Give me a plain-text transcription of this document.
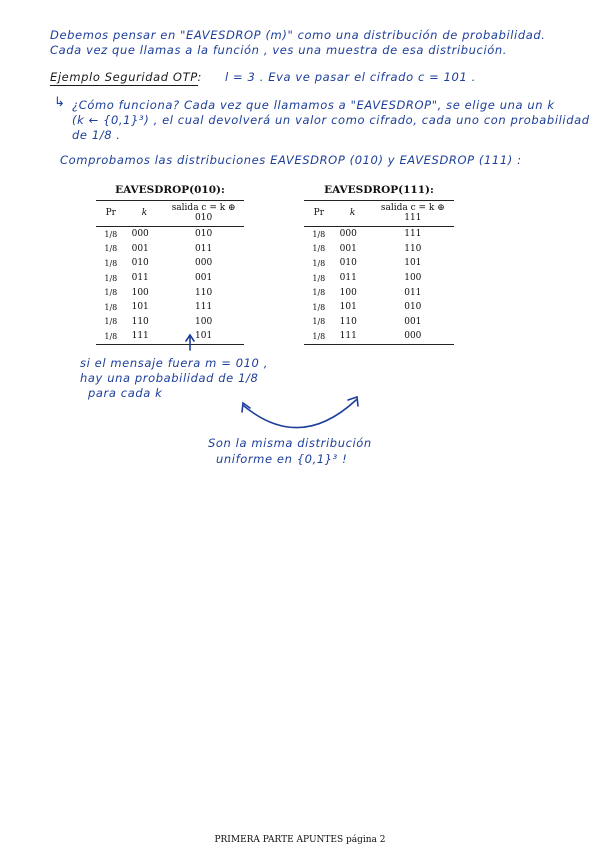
Debemos pensar en "EAVESDROP (m)" como una distribución de probabilidad.
Cada vez que llamas a la función , ves una muestra de esa distribución.
Ejemplo Seguridad OTP: l = 3 . Eva ve pasar el cifrado c = 101 .
↳ ¿Cómo funciona? Cada vez que llamamos a "EAVESDROP", se elige una un k
(k ← {0,1}³) , el cual devolverá un valor como cifrado, cada uno con probabilidad
de 1/8 .
Comprobamos las distribuciones EAVESDROP (010) y EAVESDROP (111) :
EAVESDROP(010):
Pr	k	salida c = k ⊕ 010
1/8	000	010
1/8	001	011
1/8	010	000
1/8	011	001
1/8	100	110
1/8	101	111
1/8	110	100
1/8	111	101
EAVESDROP(111):
Pr	k	salida c = k ⊕ 111
1/8	000	111
1/8	001	110
1/8	010	101
1/8	011	100
1/8	100	011
1/8	101	010
1/8	110	001
1/8	111	000
si el mensaje fuera m = 010 ,
hay una probabilidad de 1/8
para cada k
Son la misma distribución
uniforme en {0,1}³ !
PRIMERA PARTE APUNTES página 2
